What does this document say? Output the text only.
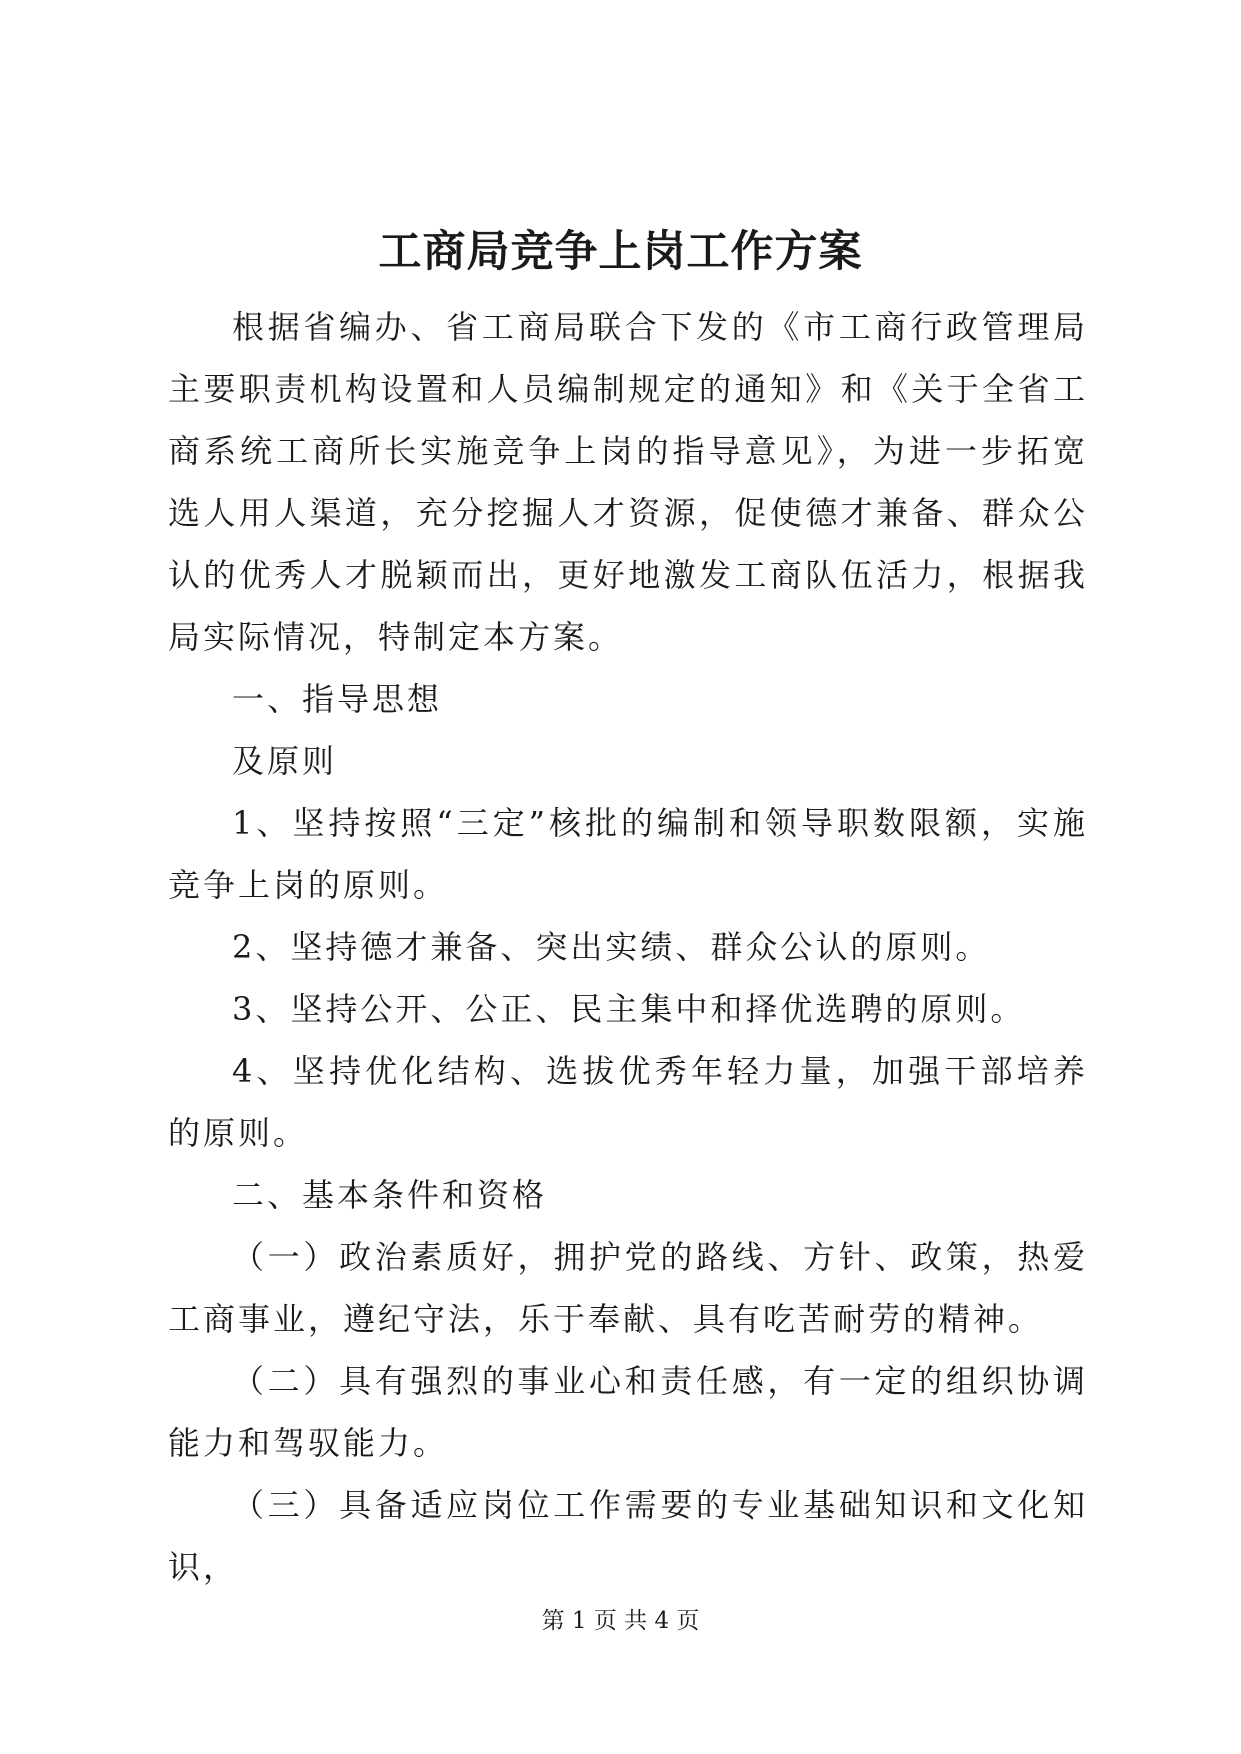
工商局竞争上岗工作方案

根据省编办、省工商局联合下发的《市工商行政管理局主要职责机构设置和人员编制规定的通知》和《关于全省工商系统工商所长实施竞争上岗的指导意见》，为进一步拓宽选人用人渠道，充分挖掘人才资源，促使德才兼备、群众公认的优秀人才脱颖而出，更好地激发工商队伍活力，根据我局实际情况，特制定本方案。

一、指导思想

及原则

1、坚持按照“三定”核批的编制和领导职数限额，实施竞争上岗的原则。

2、坚持德才兼备、突出实绩、群众公认的原则。

3、坚持公开、公正、民主集中和择优选聘的原则。

4、坚持优化结构、选拔优秀年轻力量，加强干部培养的原则。

二、基本条件和资格

（一）政治素质好，拥护党的路线、方针、政策，热爱工商事业，遵纪守法，乐于奉献、具有吃苦耐劳的精神。

（二）具有强烈的事业心和责任感，有一定的组织协调能力和驾驭能力。

（三）具备适应岗位工作需要的专业基础知识和文化知识，

第 1 页 共 4 页
